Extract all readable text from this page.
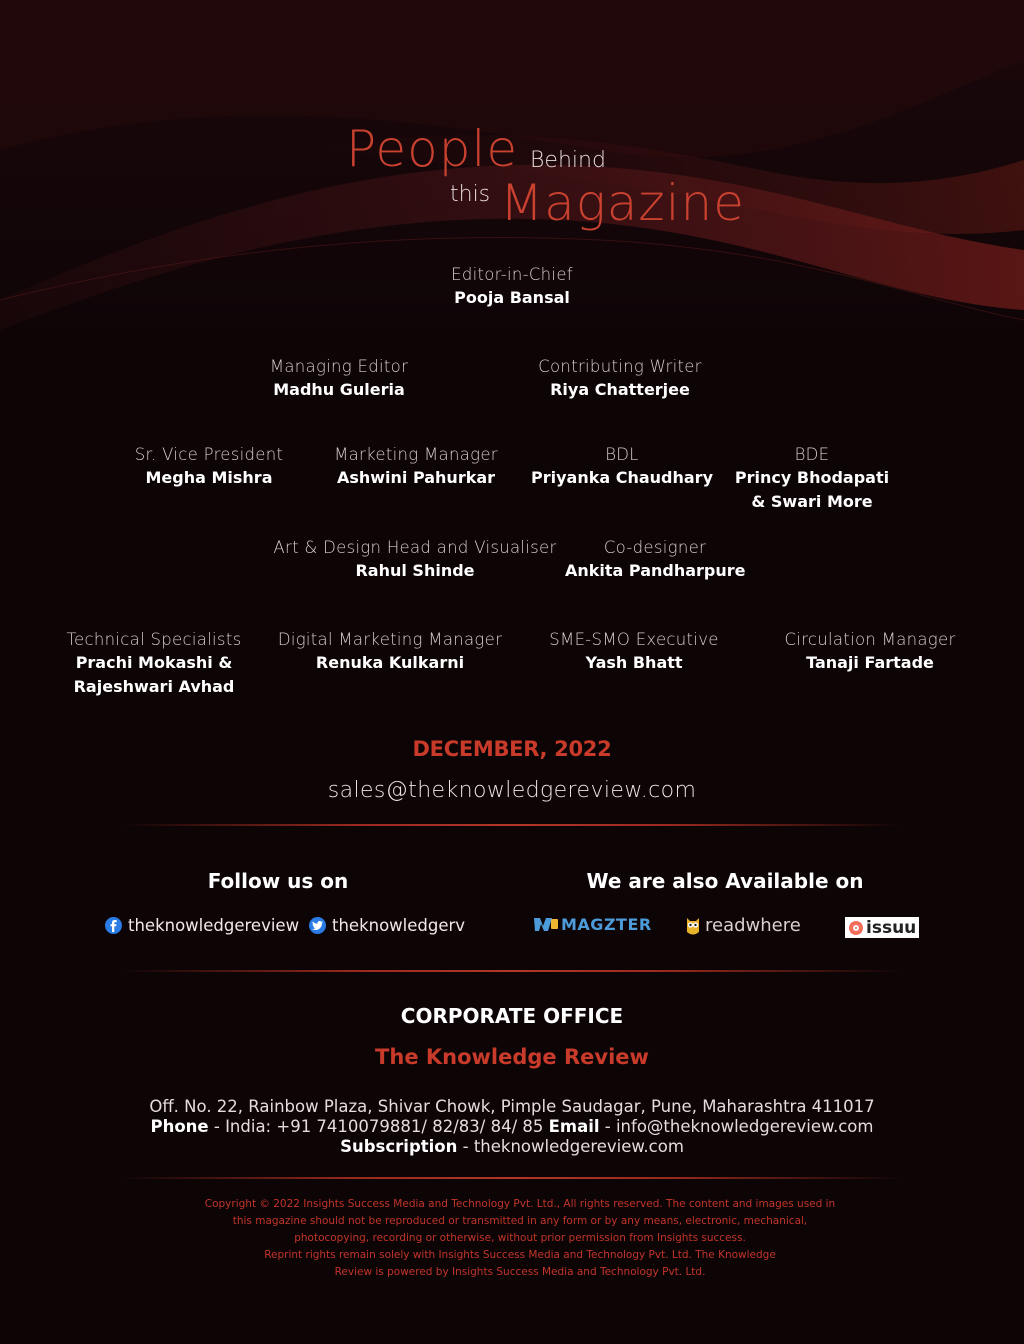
People Behind
this Magazine
Editor-in-Chief
Pooja Bansal
Managing Editor
Madhu Guleria
Contributing Writer
Riya Chatterjee
Sr. Vice President
Megha Mishra
Marketing Manager
Ashwini Pahurkar
BDL
Priyanka Chaudhary
BDE
Princy Bhodapati
& Swari More
Art & Design Head and Visualiser
Rahul Shinde
Co-designer
Ankita Pandharpure
Technical Specialists
Prachi Mokashi &
Rajeshwari Avhad
Digital Marketing Manager
Renuka Kulkarni
SME-SMO Executive
Yash Bhatt
Circulation Manager
Tanaji Fartade
DECEMBER, 2022
sales@theknowledgereview.com
Follow us on	We are also Available on
theknowledgereview theknowledgerv	MAGZTER	readwhere	issuu
CORPORATE OFFICE
The Knowledge Review
Off. No. 22, Rainbow Plaza, Shivar Chowk, Pimple Saudagar, Pune, Maharashtra 411017
Phone - India: +91 7410079881/ 82/83/ 84/ 85 Email - info@theknowledgereview.com
Subscription - theknowledgereview.com
Copyright © 2022 Insights Success Media and Technology Pvt. Ltd., All rights reserved. The content and images used in
this magazine should not be reproduced or transmitted in any form or by any means, electronic, mechanical,
photocopying, recording or otherwise, without prior permission from Insights success.
Reprint rights remain solely with Insights Success Media and Technology Pvt. Ltd. The Knowledge
Review is powered by Insights Success Media and Technology Pvt. Ltd.
